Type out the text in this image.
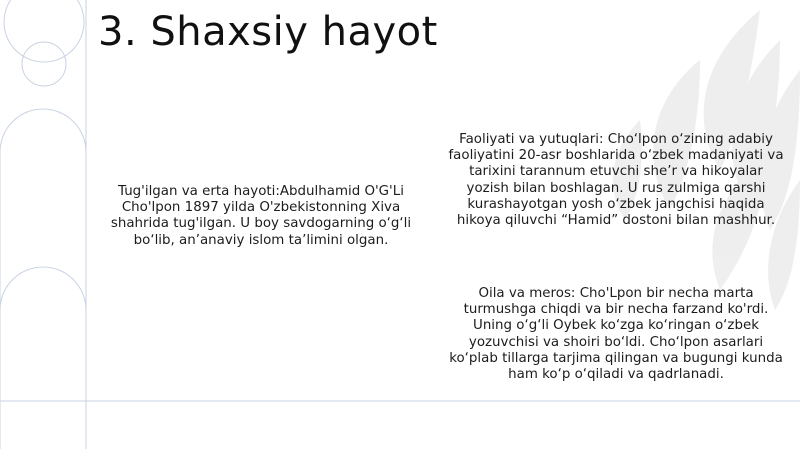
3. Shaxsiy hayot

Tug'ilgan va erta hayoti:Abdulhamid O'G'Li Cho'lpon 1897 yilda O'zbekistonning Xiva shahrida tug'ilgan. U boy savdogarning o‘g‘li bo‘lib, an’anaviy islom ta’limini olgan.

Faoliyati va yutuqlari: Cho‘lpon o‘zining adabiy faoliyatini 20-asr boshlarida o‘zbek madaniyati va tarixini tarannum etuvchi she’r va hikoyalar yozish bilan boshlagan. U rus zulmiga qarshi kurashayotgan yosh o‘zbek jangchisi haqida hikoya qiluvchi “Hamid” dostoni bilan mashhur.

Oila va meros: Cho'Lpon bir necha marta turmushga chiqdi va bir necha farzand ko'rdi. Uning o‘g‘li Oybek ko‘zga ko‘ringan o‘zbek yozuvchisi va shoiri bo‘ldi. Cho‘lpon asarlari ko‘plab tillarga tarjima qilingan va bugungi kunda ham ko‘p o‘qiladi va qadrlanadi.
